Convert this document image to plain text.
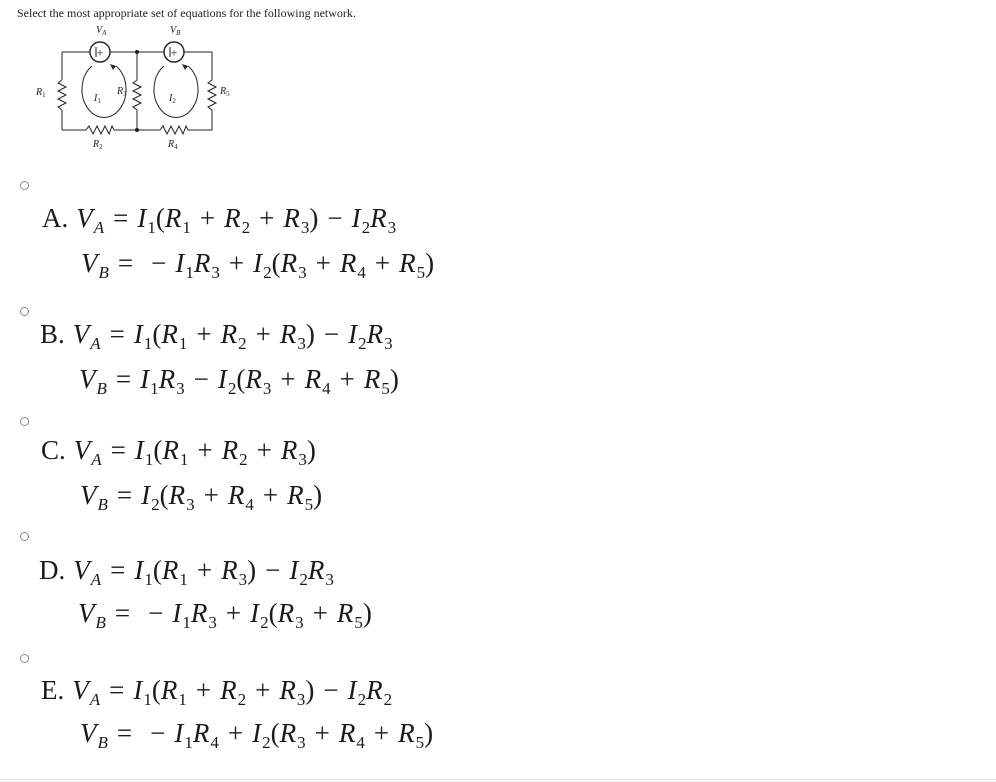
Select the most appropriate set of equations for the following network.
+	+
$V_A$	$V_B$
$R_1$	$R_3$	$R_5$
$R_2$	$R_4$
$I_1$	$I_2$
A. $V_A = I_1(R_1 + R_2 + R_3) - I_2R_3$
$V_B$ = − $I_1R_3 + I_2(R_3 + R_4 + R_5)$
B. $V_A = I_1(R_1 + R_2 + R_3) - I_2R_3$
$V_B = I_1R_3 - I_2(R_3 + R_4 + R_5)$
C. $V_A = I_1(R_1 + R_2 + R_3)$
$V_B = I_2(R_3 + R_4 + R_5)$
D. $V_A = I_1(R_1 + R_3) - I_2R_3$
$V_B$ = − $I_1R_3 + I_2(R_3 + R_5)$
E. $V_A = I_1(R_1 + R_2 + R_3) - I_2R_2$
$V_B$ = − $I_1R_4 + I_2(R_3 + R_4 + R_5)$
